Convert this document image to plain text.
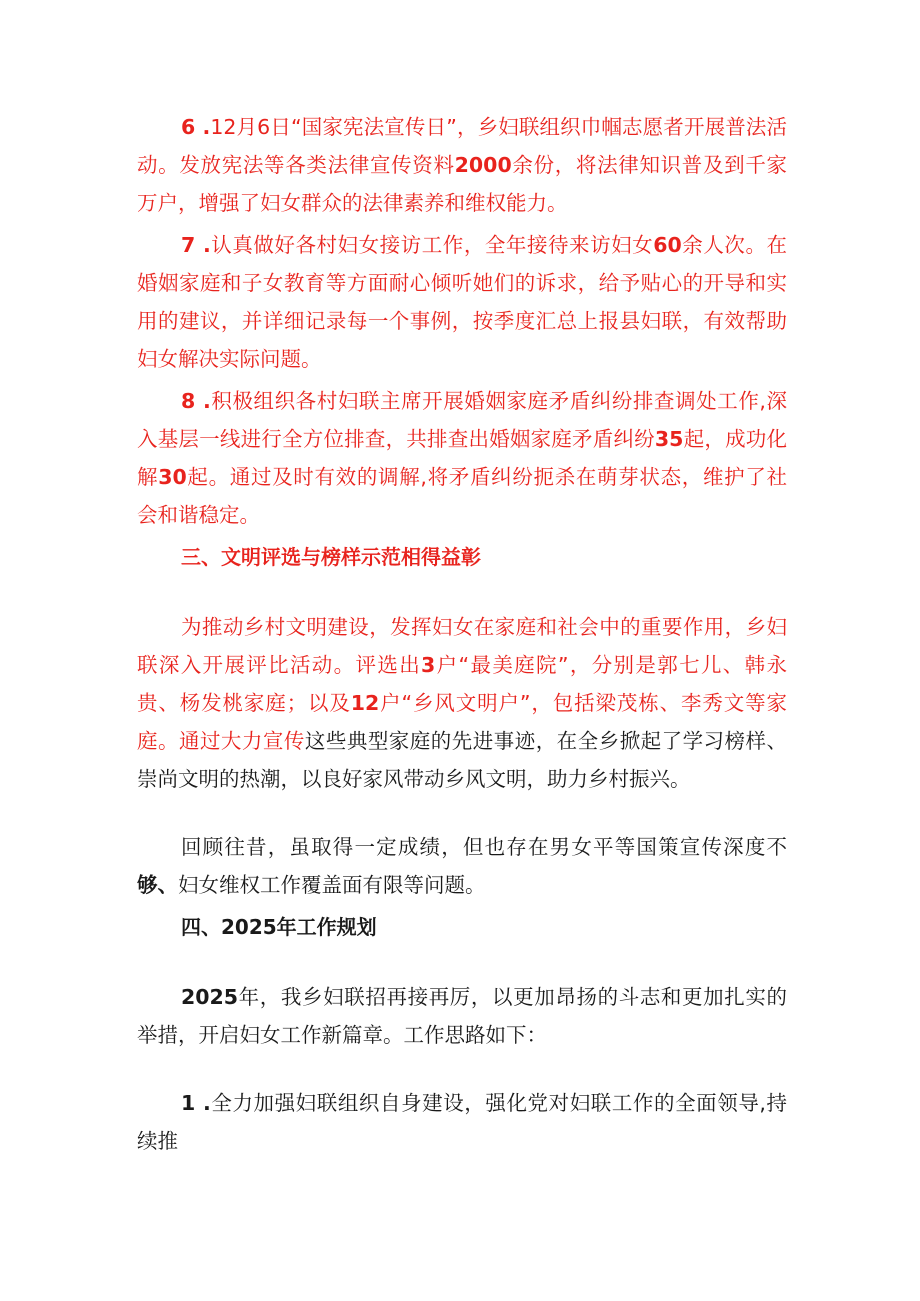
6 .12月6日“国家宪法宣传日”，乡妇联组织巾帼志愿者开展普法活动。发放宪法等各类法律宣传资料2000余份，将法律知识普及到千家万户，增强了妇女群众的法律素养和维权能力。

7 .认真做好各村妇女接访工作，全年接待来访妇女60余人次。在婚姻家庭和子女教育等方面耐心倾听她们的诉求，给予贴心的开导和实用的建议，并详细记录每一个事例，按季度汇总上报县妇联，有效帮助妇女解决实际问题。

8 .积极组织各村妇联主席开展婚姻家庭矛盾纠纷排查调处工作,深入基层一线进行全方位排查，共排查出婚姻家庭矛盾纠纷35起，成功化解30起。通过及时有效的调解,将矛盾纠纷扼杀在萌芽状态，维护了社会和谐稳定。

三、文明评选与榜样示范相得益彰

为推动乡村文明建设，发挥妇女在家庭和社会中的重要作用，乡妇联深入开展评比活动。评选出3户“最美庭院”，分别是郭七儿、韩永贵、杨发桃家庭；以及12户“乡风文明户”，包括梁茂栋、李秀文等家庭。通过大力宣传这些典型家庭的先进事迹，在全乡掀起了学习榜样、崇尚文明的热潮，以良好家风带动乡风文明，助力乡村振兴。

回顾往昔，虽取得一定成绩，但也存在男女平等国策宣传深度不够、妇女维权工作覆盖面有限等问题。

四、2025年工作规划

2025年，我乡妇联招再接再厉，以更加昂扬的斗志和更加扎实的举措，开启妇女工作新篇章。工作思路如下：

1 .全力加强妇联组织自身建设，强化党对妇联工作的全面领导,持续推
